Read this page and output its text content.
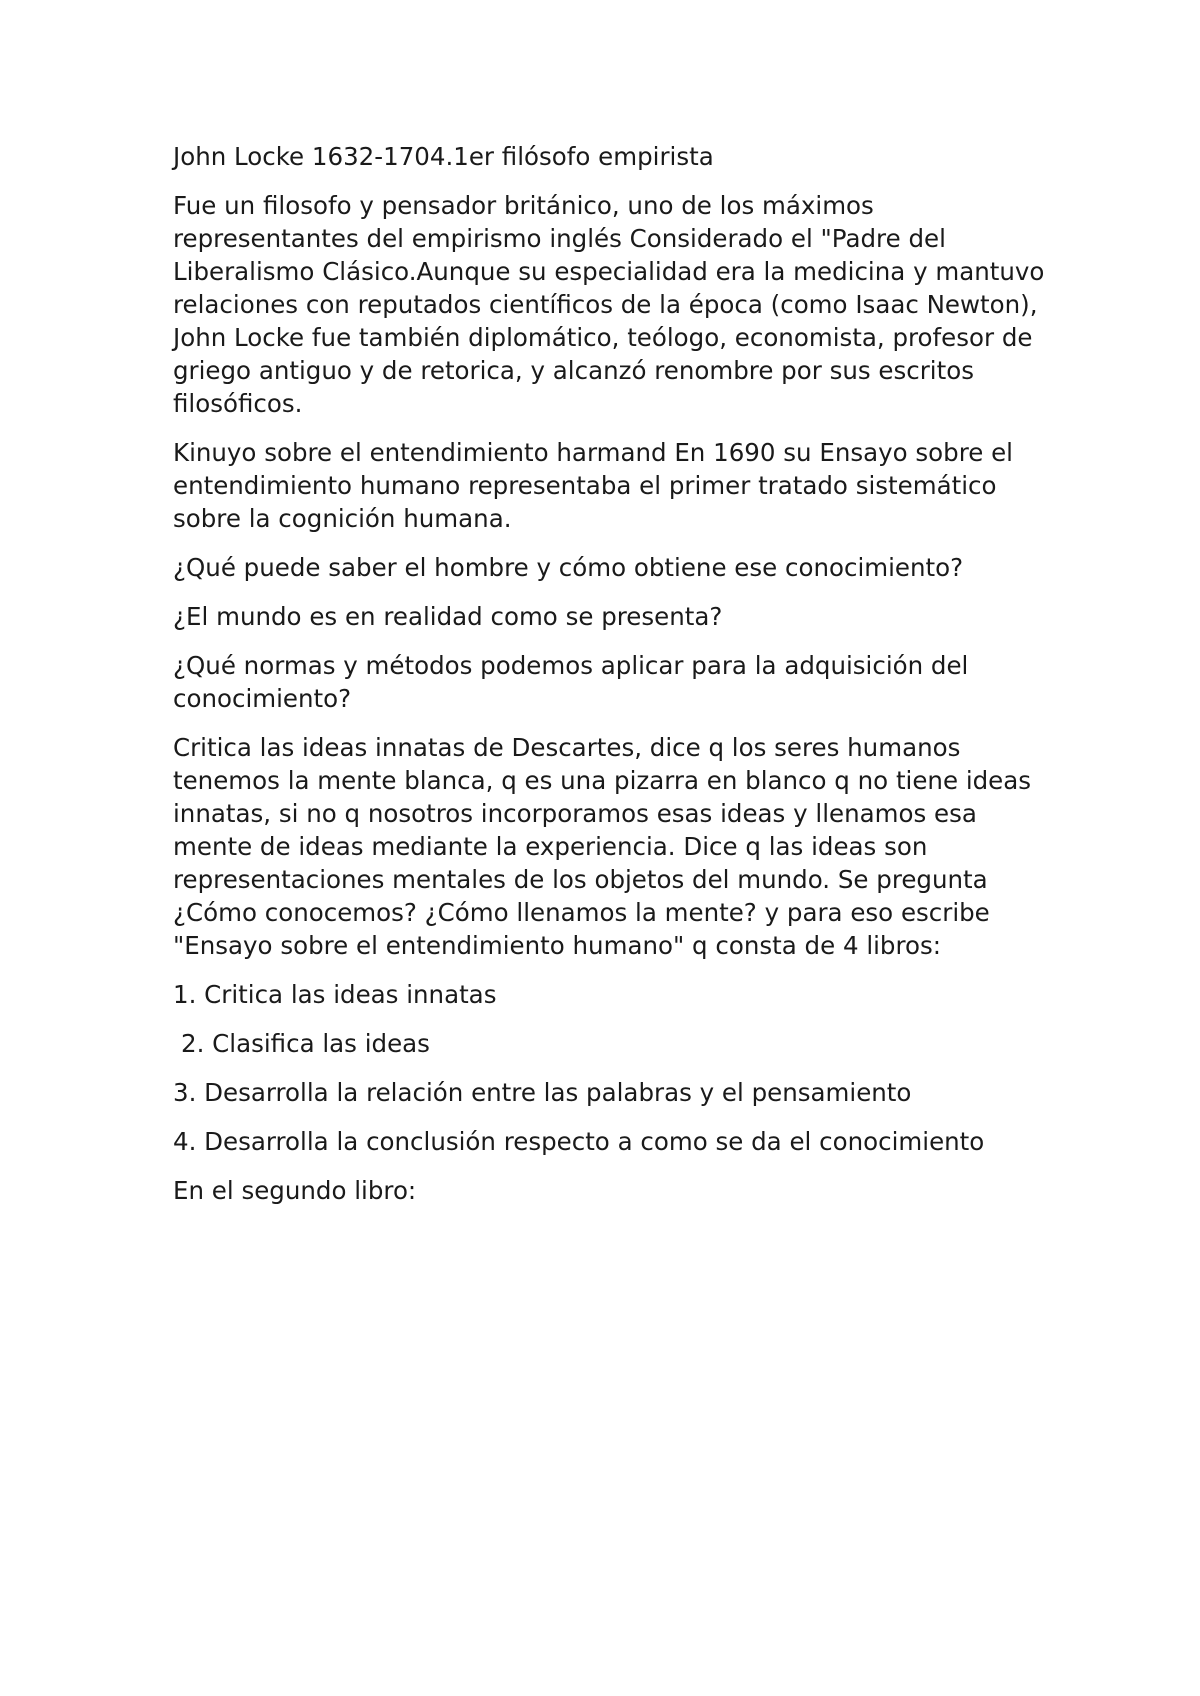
John Locke 1632-1704.1er filósofo empirista

Fue un filosofo y pensador británico, uno de los máximos representantes del empirismo inglés Considerado el "Padre del Liberalismo Clásico.Aunque su especialidad era la medicina y mantuvo relaciones con reputados científicos de la época (como Isaac Newton), John Locke fue también diplomático, teólogo, economista, profesor de griego antiguo y de retorica, y alcanzó renombre por sus escritos filosóficos.

Kinuyo sobre el entendimiento harmand En 1690 su Ensayo sobre el entendimiento humano representaba el primer tratado sistemático sobre la cognición humana.

¿Qué puede saber el hombre y cómo obtiene ese conocimiento?

¿El mundo es en realidad como se presenta?

¿Qué normas y métodos podemos aplicar para la adquisición del conocimiento?

Critica las ideas innatas de Descartes, dice q los seres humanos tenemos la mente blanca, q es una pizarra en blanco q no tiene ideas innatas, si no q nosotros incorporamos esas ideas y llenamos esa mente de ideas mediante la experiencia. Dice q las ideas son representaciones mentales de los objetos del mundo. Se pregunta ¿Cómo conocemos? ¿Cómo llenamos la mente? y para eso escribe "Ensayo sobre el entendimiento humano" q consta de 4 libros:

1. Critica las ideas innatas

2. Clasifica las ideas

3. Desarrolla la relación entre las palabras y el pensamiento

4. Desarrolla la conclusión respecto a como se da el conocimiento

En el segundo libro:
